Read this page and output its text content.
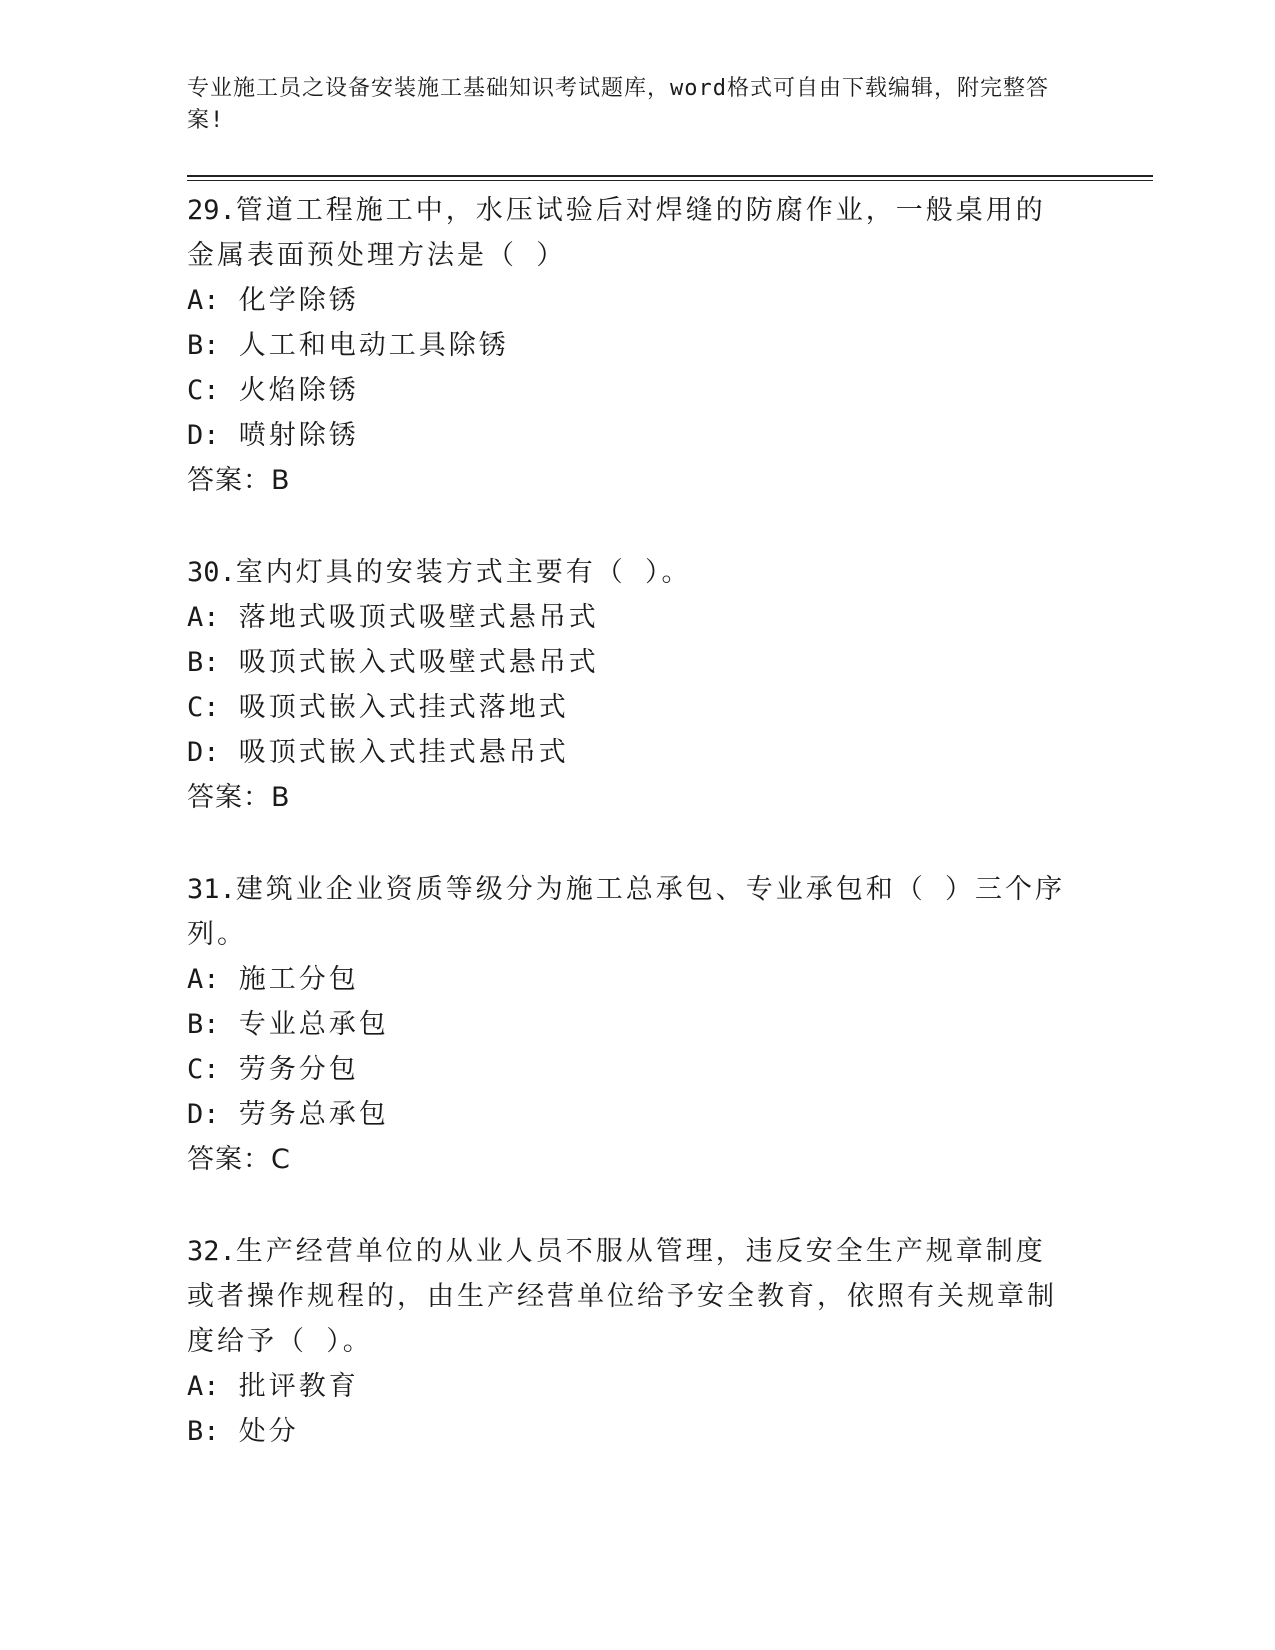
专业施工员之设备安装施工基础知识考试题库，word格式可自由下载编辑，附完整答案!
29.管道工程施工中，水压试验后对焊缝的防腐作业，一般桌用的金属表面预处理方法是（ ）
A: 化学除锈
B: 人工和电动工具除锈
C: 火焰除锈
D: 喷射除锈
答案：B
30.室内灯具的安装方式主要有（ ）。
A: 落地式吸顶式吸壁式悬吊式
B: 吸顶式嵌入式吸壁式悬吊式
C: 吸顶式嵌入式挂式落地式
D: 吸顶式嵌入式挂式悬吊式
答案：B
31.建筑业企业资质等级分为施工总承包、专业承包和（ ）三个序列。
A: 施工分包
B: 专业总承包
C: 劳务分包
D: 劳务总承包
答案：C
32.生产经营单位的从业人员不服从管理，违反安全生产规章制度或者操作规程的，由生产经营单位给予安全教育，依照有关规章制度给予（ ）。
A: 批评教育
B: 处分
